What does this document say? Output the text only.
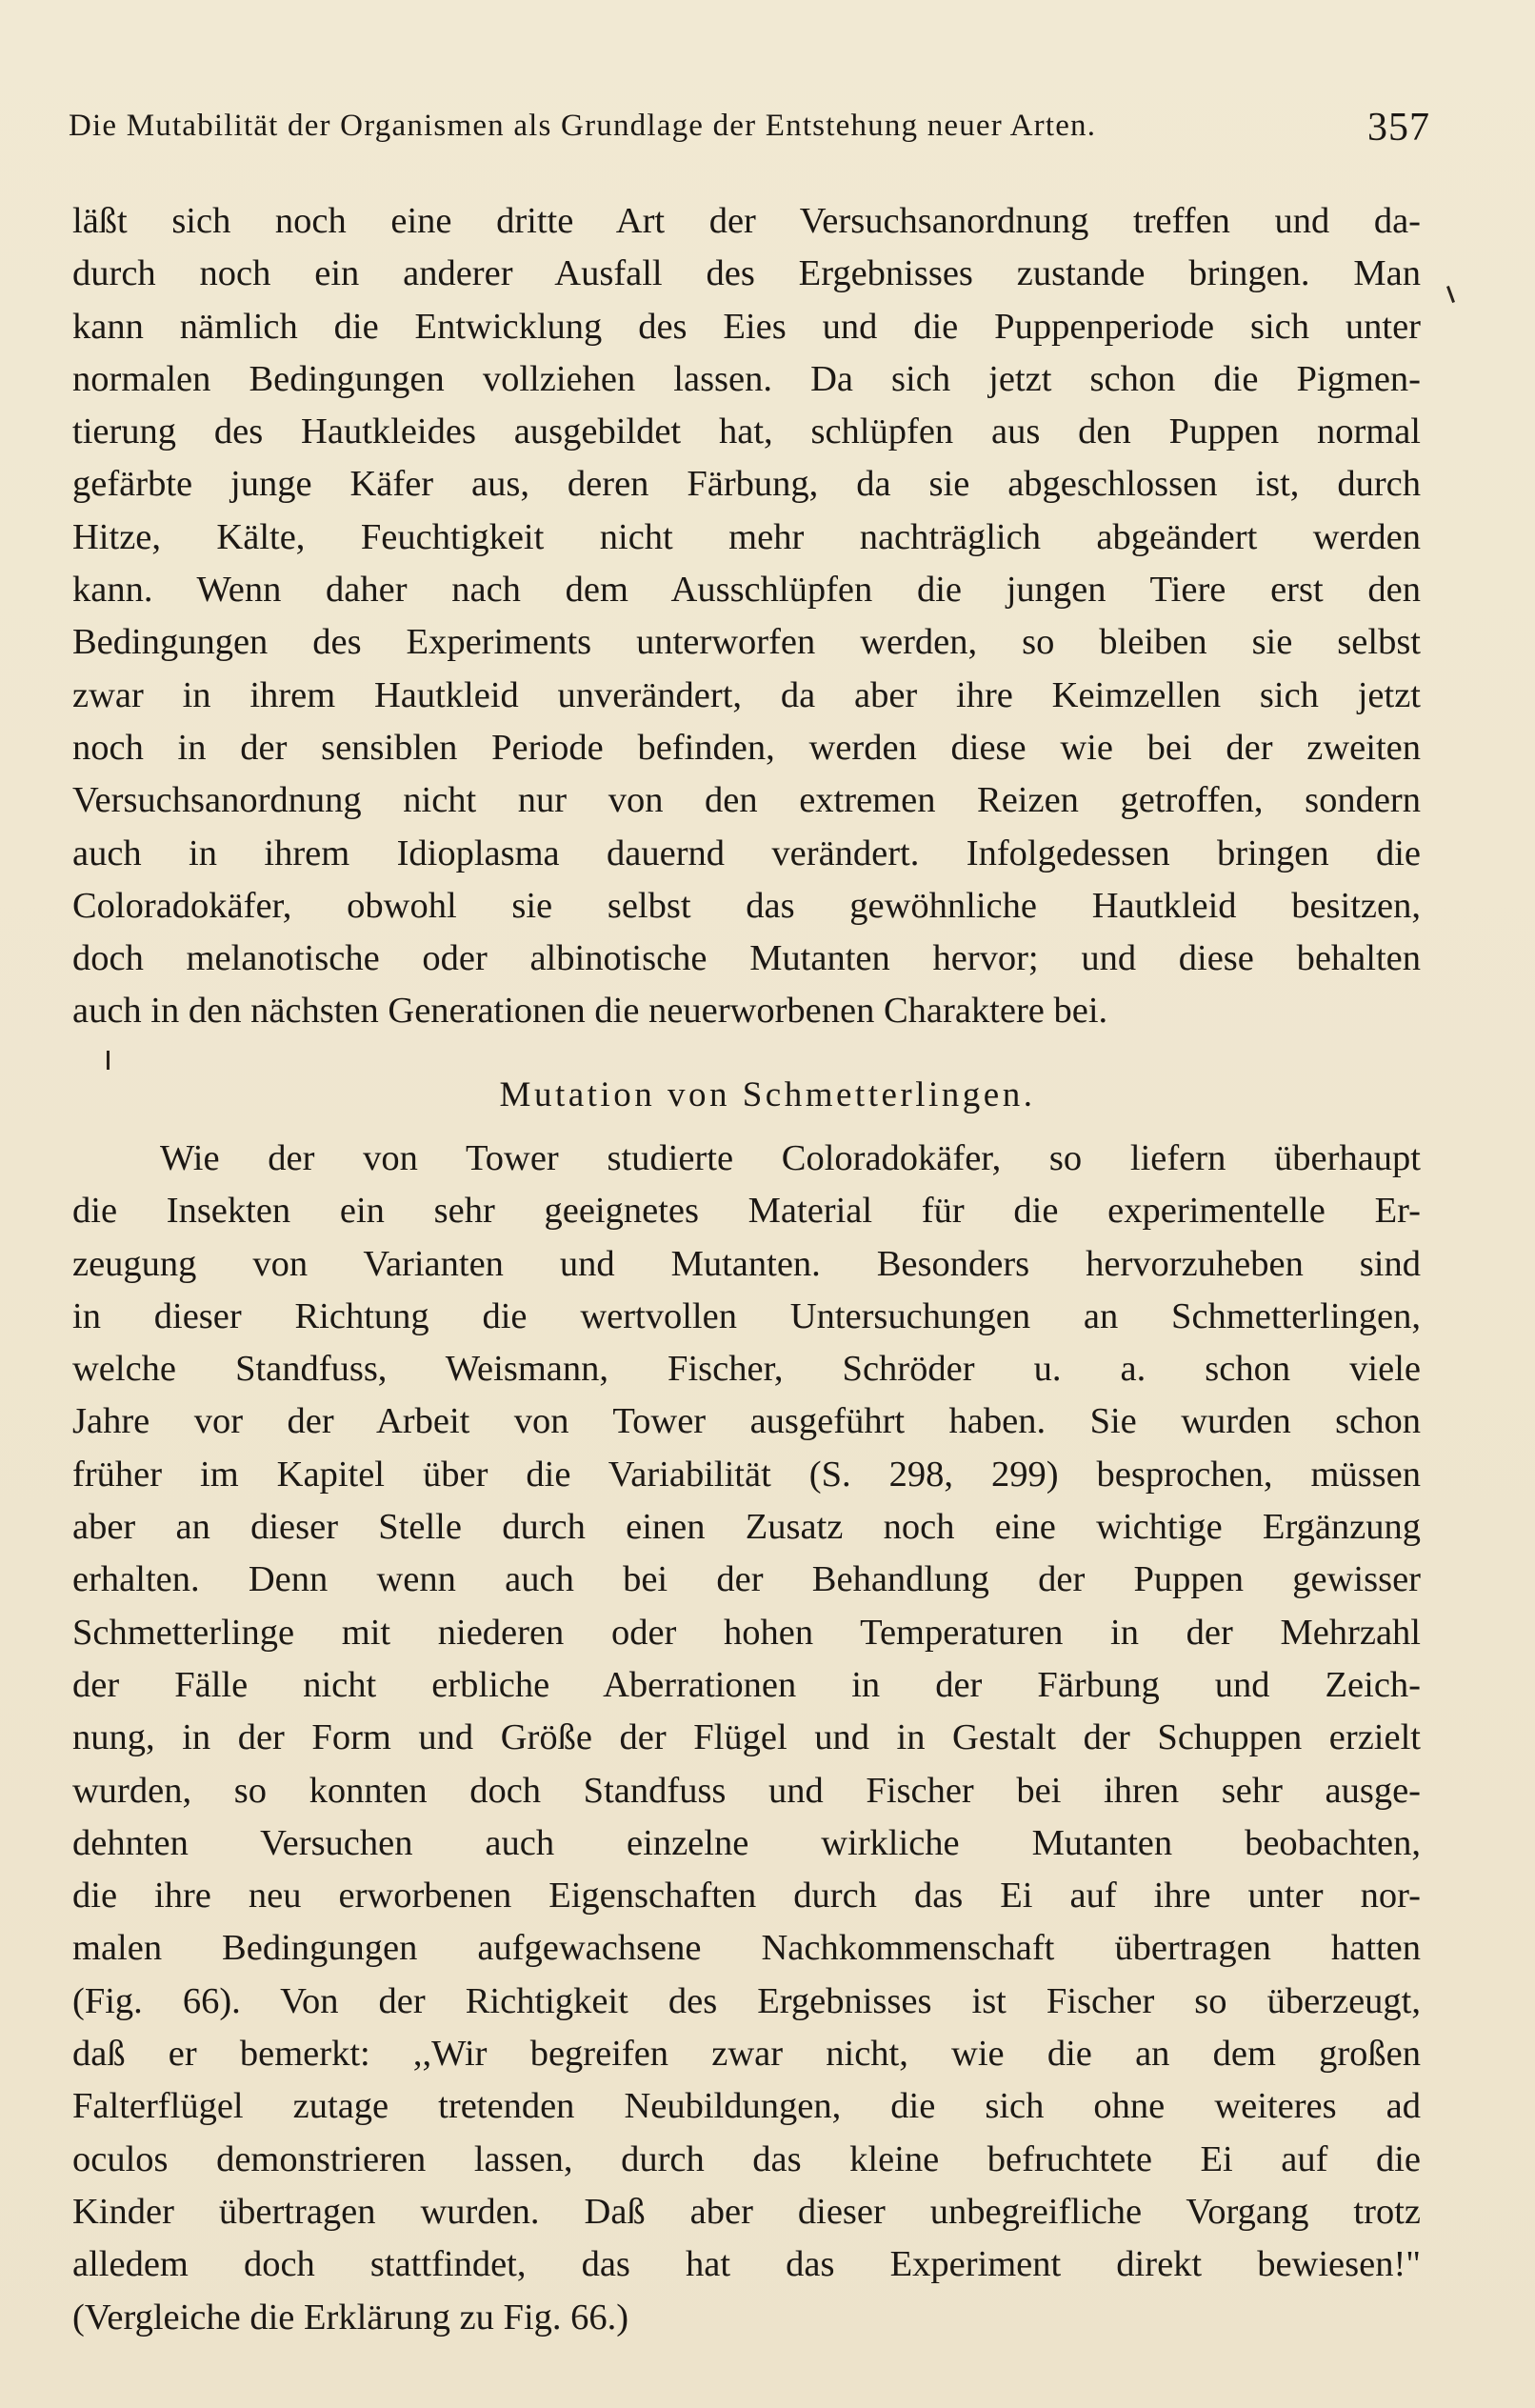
Die Mutabilität der Organismen als Grundlage der Entstehung neuer Arten.	357
läßt sich noch eine dritte Art der Versuchsanordnung treffen und da-
durch noch ein anderer Ausfall des Ergebnisses zustande bringen. Man
kann nämlich die Entwicklung des Eies und die Puppenperiode sich unter
normalen Bedingungen vollziehen lassen. Da sich jetzt schon die Pigmen-
tierung des Hautkleides ausgebildet hat, schlüpfen aus den Puppen normal
gefärbte junge Käfer aus, deren Färbung, da sie abgeschlossen ist, durch
Hitze, Kälte, Feuchtigkeit nicht mehr nachträglich abgeändert werden
kann. Wenn daher nach dem Ausschlüpfen die jungen Tiere erst den
Bedingungen des Experiments unterworfen werden, so bleiben sie selbst
zwar in ihrem Hautkleid unverändert, da aber ihre Keimzellen sich jetzt
noch in der sensiblen Periode befinden, werden diese wie bei der zweiten
Versuchsanordnung nicht nur von den extremen Reizen getroffen, sondern
auch in ihrem Idioplasma dauernd verändert. Infolgedessen bringen die
Coloradokäfer, obwohl sie selbst das gewöhnliche Hautkleid besitzen,
doch melanotische oder albinotische Mutanten hervor; und diese behalten
auch in den nächsten Generationen die neuerworbenen Charaktere bei.
Mutation von Schmetterlingen.
Wie der von Tower studierte Coloradokäfer, so liefern überhaupt
die Insekten ein sehr geeignetes Material für die experimentelle Er-
zeugung von Varianten und Mutanten. Besonders hervorzuheben sind
in dieser Richtung die wertvollen Untersuchungen an Schmetterlingen,
welche Standfuss, Weismann, Fischer, Schröder u. a. schon viele
Jahre vor der Arbeit von Tower ausgeführt haben. Sie wurden schon
früher im Kapitel über die Variabilität (S. 298, 299) besprochen, müssen
aber an dieser Stelle durch einen Zusatz noch eine wichtige Ergänzung
erhalten. Denn wenn auch bei der Behandlung der Puppen gewisser
Schmetterlinge mit niederen oder hohen Temperaturen in der Mehrzahl
der Fälle nicht erbliche Aberrationen in der Färbung und Zeich-
nung, in der Form und Größe der Flügel und in Gestalt der Schuppen erzielt
wurden, so konnten doch Standfuss und Fischer bei ihren sehr ausge-
dehnten Versuchen auch einzelne wirkliche Mutanten beobachten,
die ihre neu erworbenen Eigenschaften durch das Ei auf ihre unter nor-
malen Bedingungen aufgewachsene Nachkommenschaft übertragen hatten
(Fig. 66). Von der Richtigkeit des Ergebnisses ist Fischer so überzeugt,
daß er bemerkt: ,,Wir begreifen zwar nicht, wie die an dem großen
Falterflügel zutage tretenden Neubildungen, die sich ohne weiteres ad
oculos demonstrieren lassen, durch das kleine befruchtete Ei auf die
Kinder übertragen wurden. Daß aber dieser unbegreifliche Vorgang trotz
alledem doch stattfindet, das hat das Experiment direkt bewiesen!"
(Vergleiche die Erklärung zu Fig. 66.)
